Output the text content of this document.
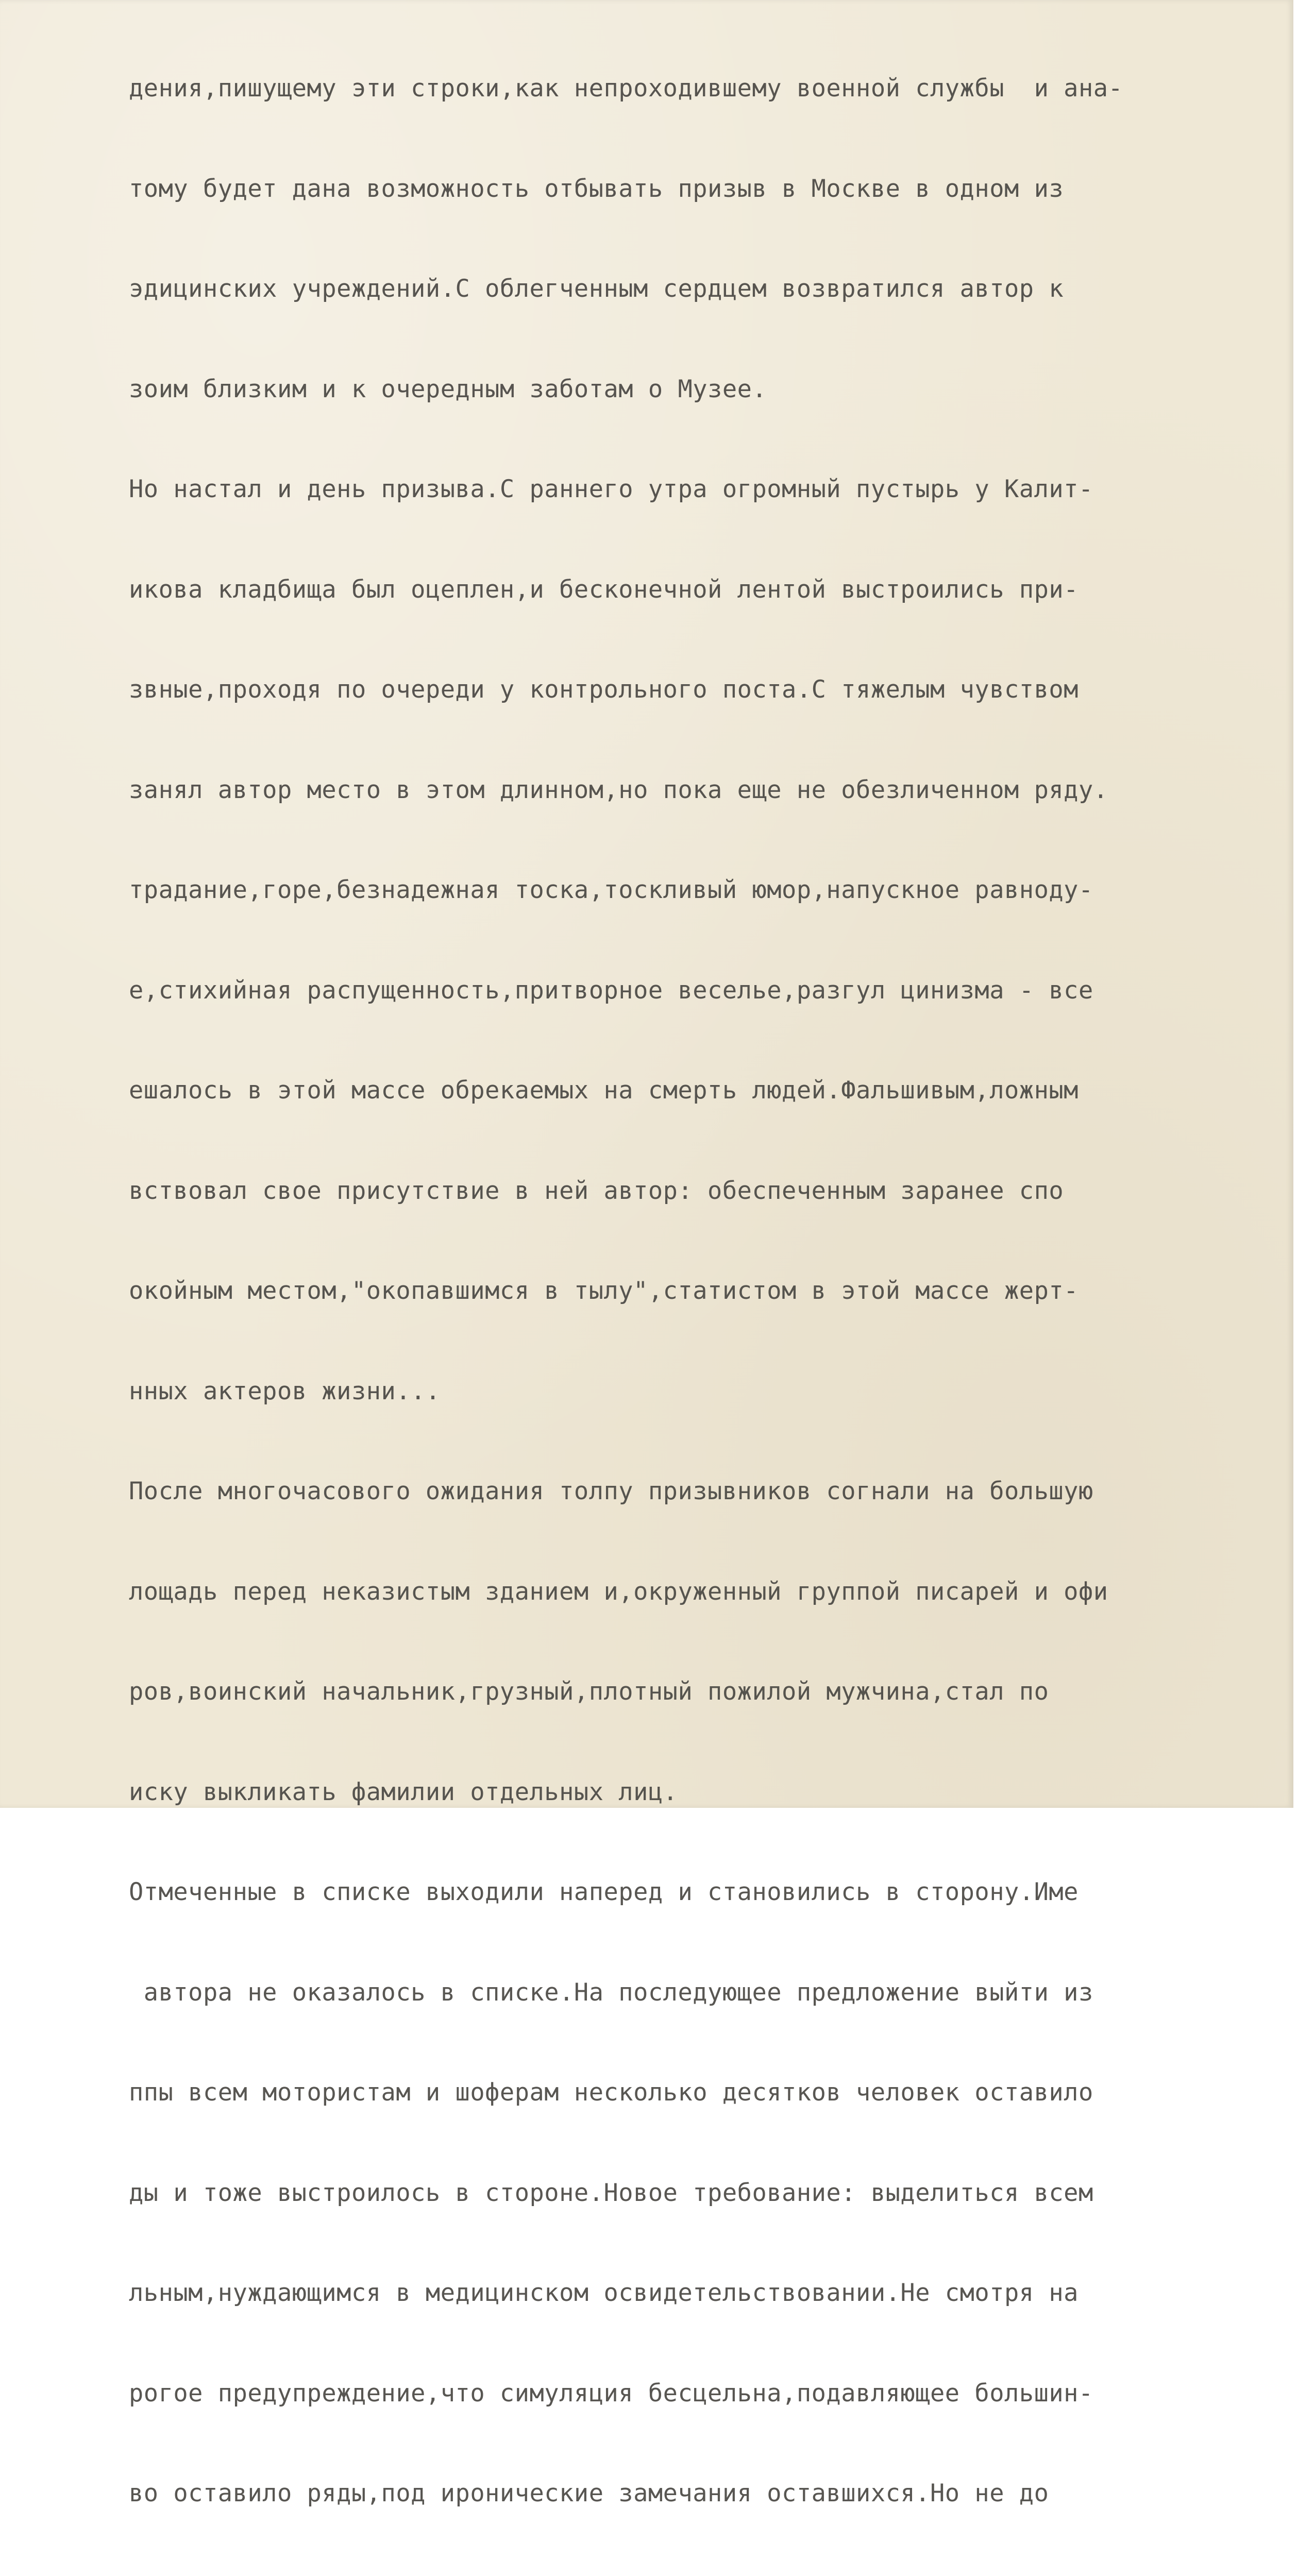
дения,пишущему эти строки,как непроходившему военной службы  и ана-

тому будет дана возможность отбывать призыв в Москве в одном из

эдицинских учреждений.С облегченным сердцем возвратился автор к

зоим близким и к очередным заботам о Музее.

Но настал и день призыва.С раннего утра огромный пустырь у Калит-

икова кладбища был оцеплен,и бесконечной лентой выстроились при-

звные,проходя по очереди у контрольного поста.С тяжелым чувством

занял автор место в этом длинном,но пока еще не обезличенном ряду.

традание,горе,безнадежная тоска,тоскливый юмор,напускное равноду-

е,стихийная распущенность,притворное веселье,разгул цинизма - все

ешалось в этой массе обрекаемых на смерть людей.Фальшивым,ложным

вствовал свое присутствие в ней автор: обеспеченным заранее спо

окойным местом,"окопавшимся в тылу",статистом в этой массе жерт-

нных актеров жизни...

После многочасового ожидания толпу призывников согнали на большую

лощадь перед неказистым зданием и,окруженный группой писарей и офи

ров,воинский начальник,грузный,плотный пожилой мужчина,стал по

иску выкликать фамилии отдельных лиц.

Отмеченные в списке выходили наперед и становились в сторону.Име

автора не оказалось в списке.На последующее предложение выйти из

ппы всем мотористам и шоферам несколько десятков человек оставило

ды и тоже выстроилось в стороне.Новое требование: выделиться всем

льным,нуждающимся в медицинском освидетельствовании.Не смотря на

рогое предупреждение,что симуляция бесцельна,подавляющее большин-

во оставило ряды,под иронические замечания оставшихся.Но не до
